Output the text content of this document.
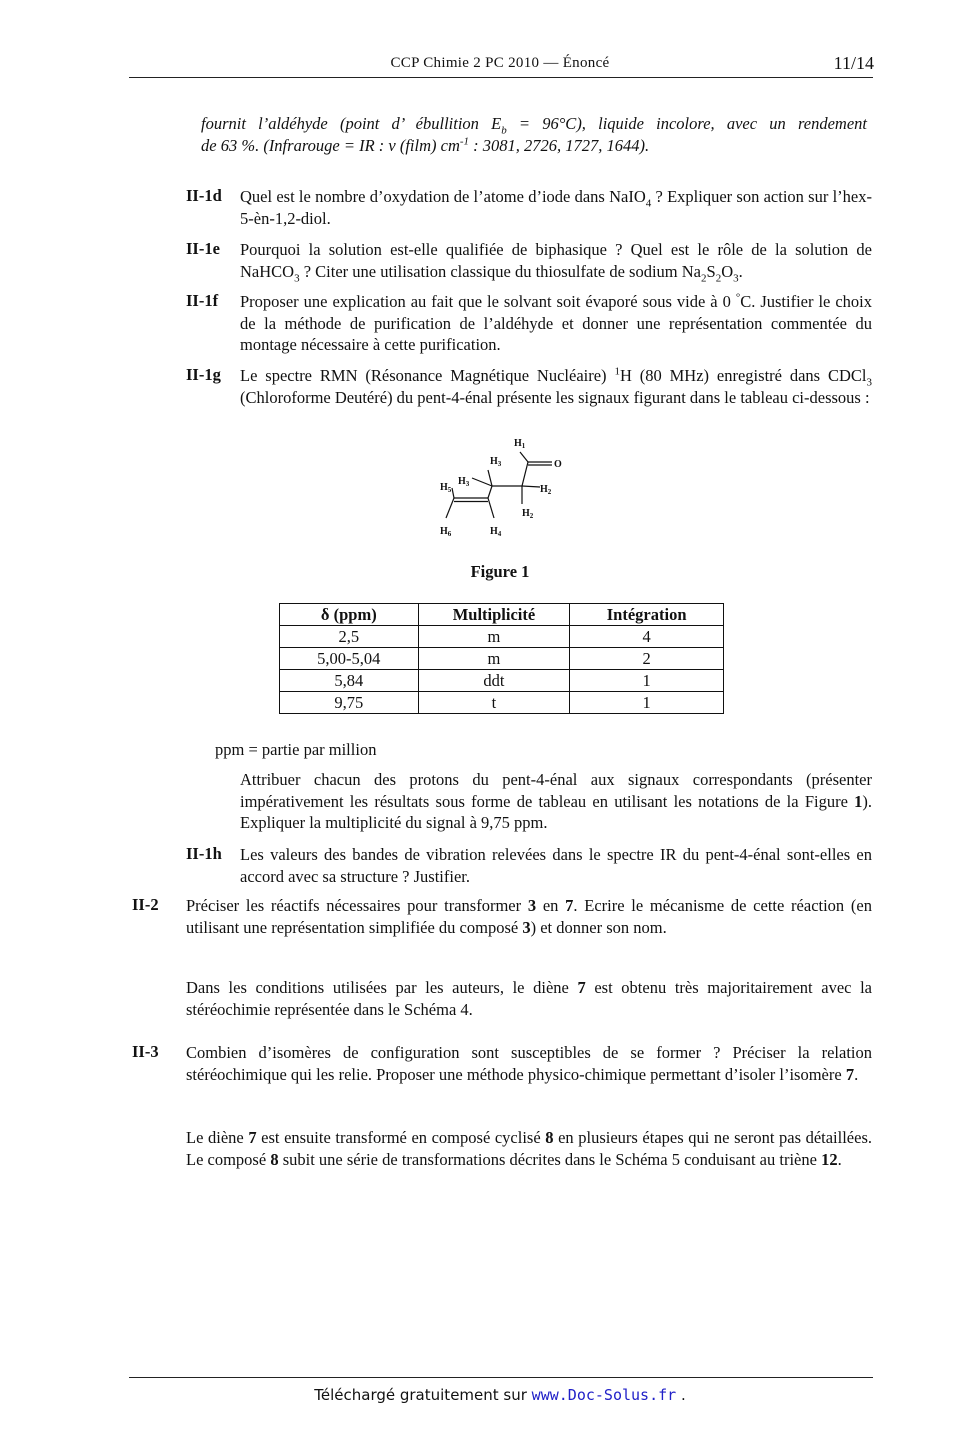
CCP Chimie 2 PC 2010 — Énoncé	11/14
fournit l’aldéhyde (point d’ ébullition $E_b = 96^\circ C$), liquide incolore, avec un rendement
de 63 %. (Infrarouge = IR : ν (film) $cm^{-1}$ : 3081, 2726, 1727, 1644).
II-1d Quel est le nombre d’oxydation de l’atome d’iode dans NaIO$_4$ ? Expliquer son action sur l’hex-5-èn-1,2-diol.
II-1e Pourquoi la solution est-elle qualifiée de biphasique ? Quel est le rôle de la solution de NaHCO$_3$ ? Citer une utilisation classique du thiosulfate de sodium $Na_2S_2O_3$.
II-1f Proposer une explication au fait que le solvant soit évaporé sous vide à 0 °C. Justifier le choix de la méthode de purification de l’aldéhyde et donner une représentation commentée du montage nécessaire à cette purification.
II-1g Le spectre RMN (Résonance Magnétique Nucléaire) $^1$H (80 MHz) enregistré dans CDCl$_3$ (Chloroforme Deutéré) du pent-4-énal présente les signaux figurant dans le tableau ci-dessous :
$H_1$
O
$H_3$
$H_3$
$H_5$	$H_2$
$H_2$
$H_6$	$H_4$
Figure 1
δ (ppm)	Multiplicité	Intégration
2,5	m	4
5,00-5,04	m	2
5,84	ddt	1
9,75	t	1
ppm = partie par million
Attribuer chacun des protons du pent-4-énal aux signaux correspondants (présenter impérativement les résultats sous forme de tableau en utilisant les notations de la Figure 1). Expliquer la multiplicité du signal à 9,75 ppm.
II-1h Les valeurs des bandes de vibration relevées dans le spectre IR du pent-4-énal sont-elles en accord avec sa structure ? Justifier.
II-2 Préciser les réactifs nécessaires pour transformer 3 en 7. Ecrire le mécanisme de cette réaction (en utilisant une représentation simplifiée du composé 3) et donner son nom.
Dans les conditions utilisées par les auteurs, le diène 7 est obtenu très majoritairement avec la stéréochimie représentée dans le Schéma 4.
II-3 Combien d’isomères de configuration sont susceptibles de se former ? Préciser la relation stéréochimique qui les relie. Proposer une méthode physico-chimique permettant d’isoler l’isomère 7.
Le diène 7 est ensuite transformé en composé cyclisé 8 en plusieurs étapes qui ne seront pas détaillées. Le composé 8 subit une série de transformations décrites dans le Schéma 5 conduisant au triène 12.
Téléchargé gratuitement sur www.Doc-Solus.fr .
